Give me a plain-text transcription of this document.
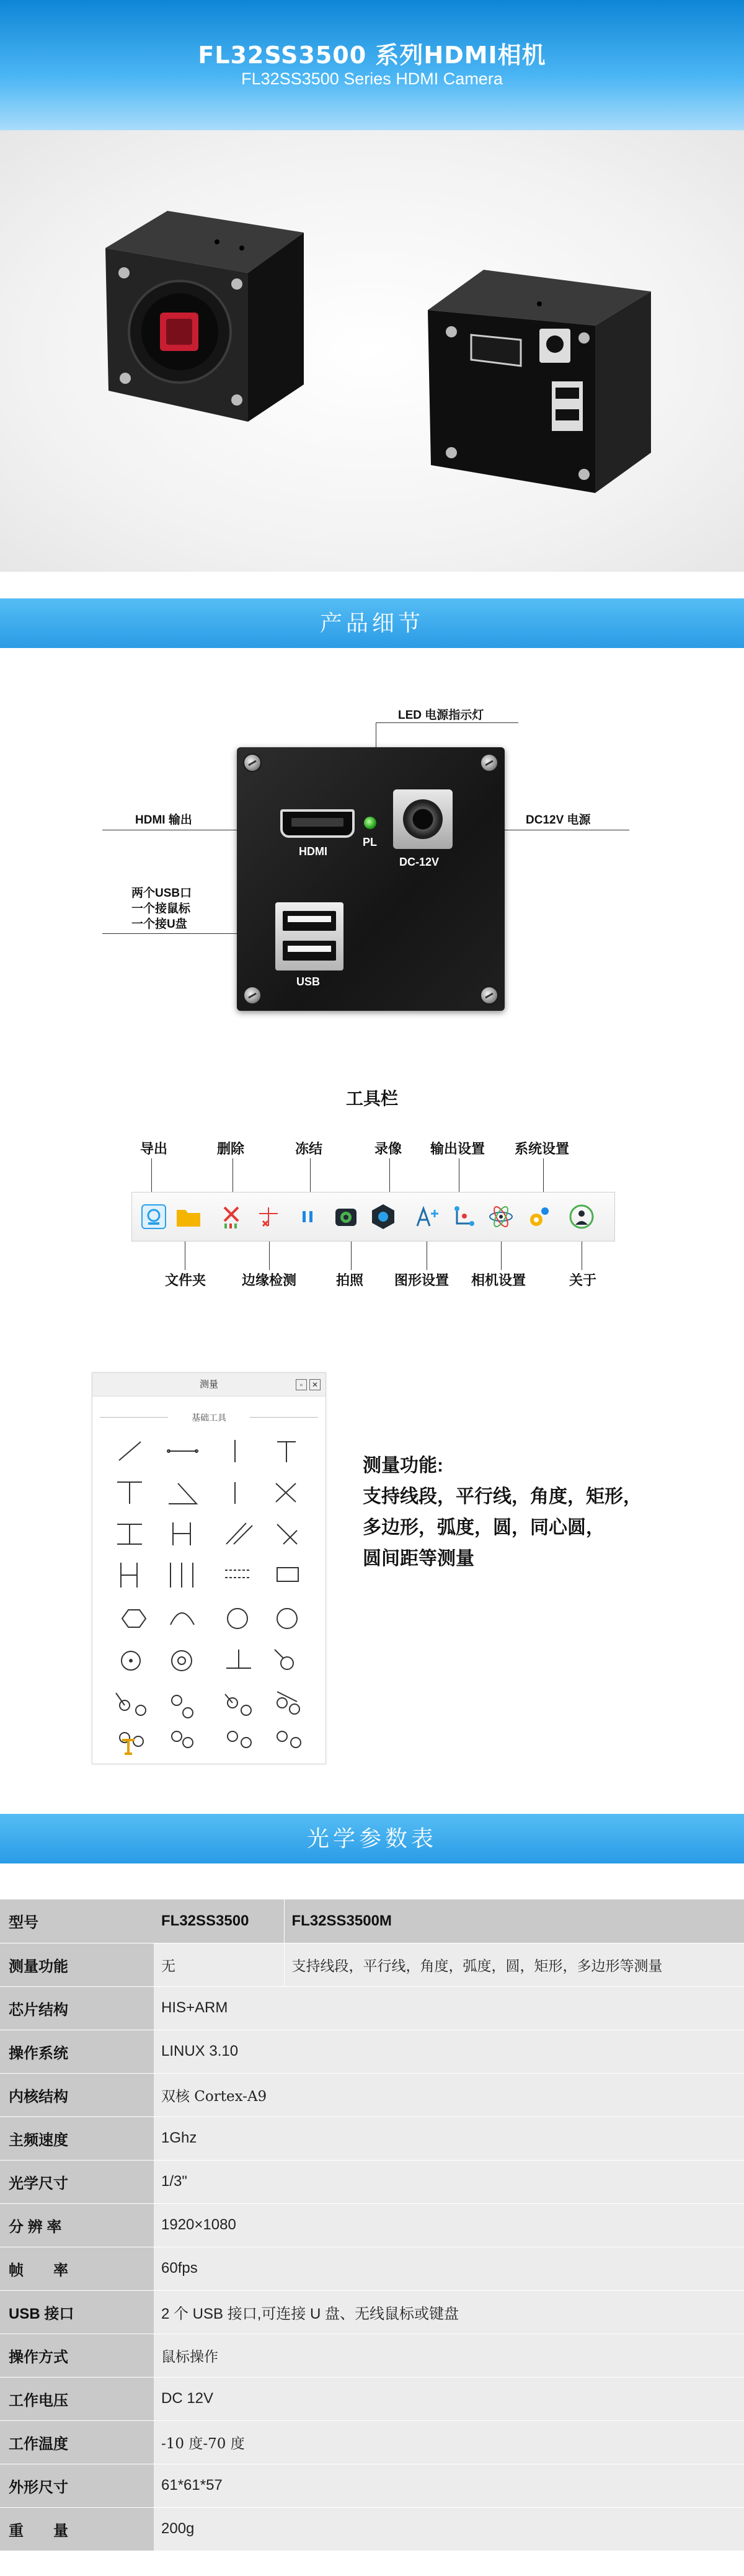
FL32SS3500 系列HDMI相机
FL32SS3500 Series HDMI Camera
产品细节
LED 电源指示灯
HDMI 输出	DC12V 电源
两个USB口
一个接鼠标
一个接U盘
HDMI
PL
DC-12V
USB
工具栏
导出	删除	冻结	录像 输出设置 系统设置
文件夹	边缘检测	拍照 图形设置 相机设置	关于
测量	▫	✕
基础工具
测量功能:
支持线段，平行线，角度，矩形，
多边形，弧度，圆，同心圆，
圆间距等测量
光学参数表
型号	FL32SS3500	FL32SS3500M
测量功能	无	支持线段，平行线，角度，弧度，圆，矩形，多边形等测量
芯片结构	HIS+ARM	
操作系统	LINUX 3.10	
内核结构	双核 Cortex-A9	
主频速度	1Ghz	
光学尺寸	1/3"	
分 辨 率	1920×1080	
帧　　率	60fps	
USB 接口	2 个 USB 接口,可连接 U 盘、无线鼠标或键盘	
操作方式	鼠标操作	
工作电压	DC 12V	
工作温度	-10 度-70 度	
外形尺寸	61*61*57	
重　　量	200g	
